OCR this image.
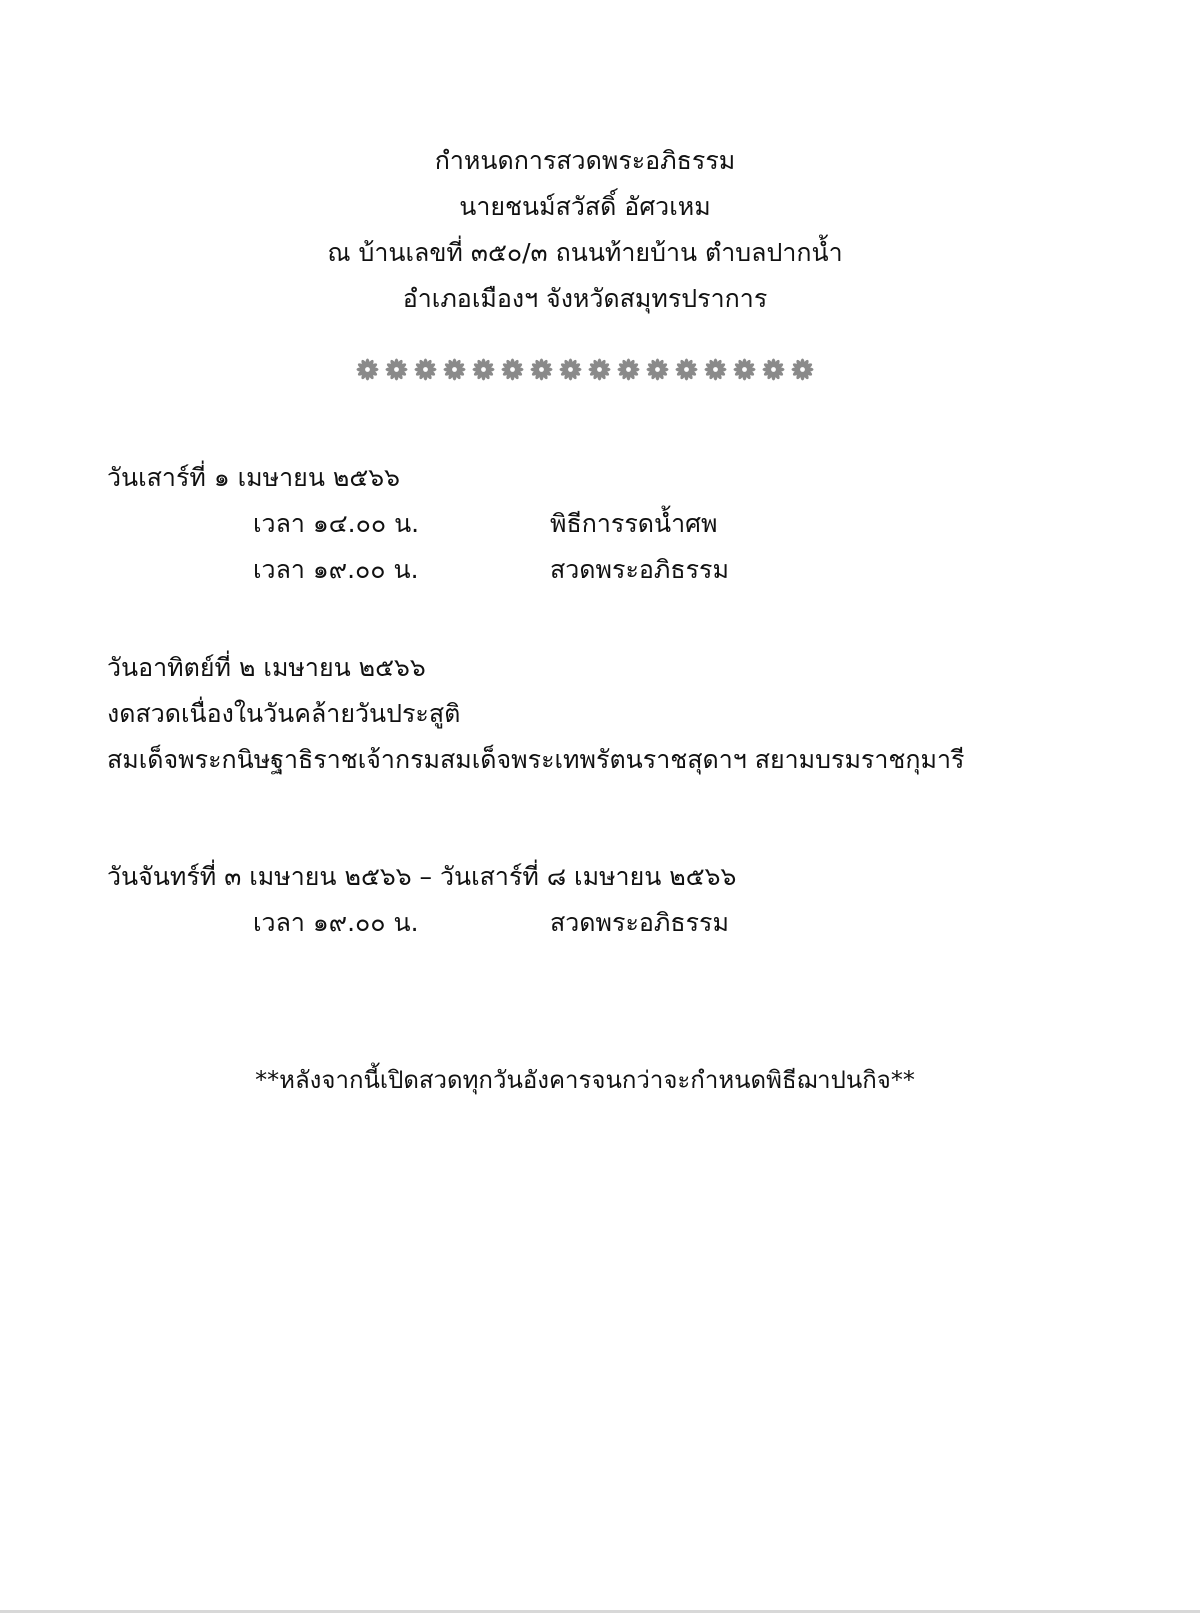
กำหนดการสวดพระอภิธรรม
นายชนม์สวัสดิ์ อัศวเหม
ณ บ้านเลขที่ ๓๕๐/๓ ถนนท้ายบ้าน ตำบลปากน้ำ
อำเภอเมืองฯ จังหวัดสมุทรปราการ
วันเสาร์ที่ ๑ เมษายน ๒๕๖๖
เวลา ๑๔.๐๐ น.	พิธีการรดน้ำศพ
เวลา ๑๙.๐๐ น.	สวดพระอภิธรรม
วันอาทิตย์ที่ ๒ เมษายน ๒๕๖๖
งดสวดเนื่องในวันคล้ายวันประสูติ
สมเด็จพระกนิษฐาธิราชเจ้ากรมสมเด็จพระเทพรัตนราชสุดาฯ สยามบรมราชกุมารี
วันจันทร์ที่ ๓ เมษายน ๒๕๖๖ – วันเสาร์ที่ ๘ เมษายน ๒๕๖๖
เวลา ๑๙.๐๐ น.	สวดพระอภิธรรม
**หลังจากนี้เปิดสวดทุกวันอังคารจนกว่าจะกำหนดพิธีฌาปนกิจ**
